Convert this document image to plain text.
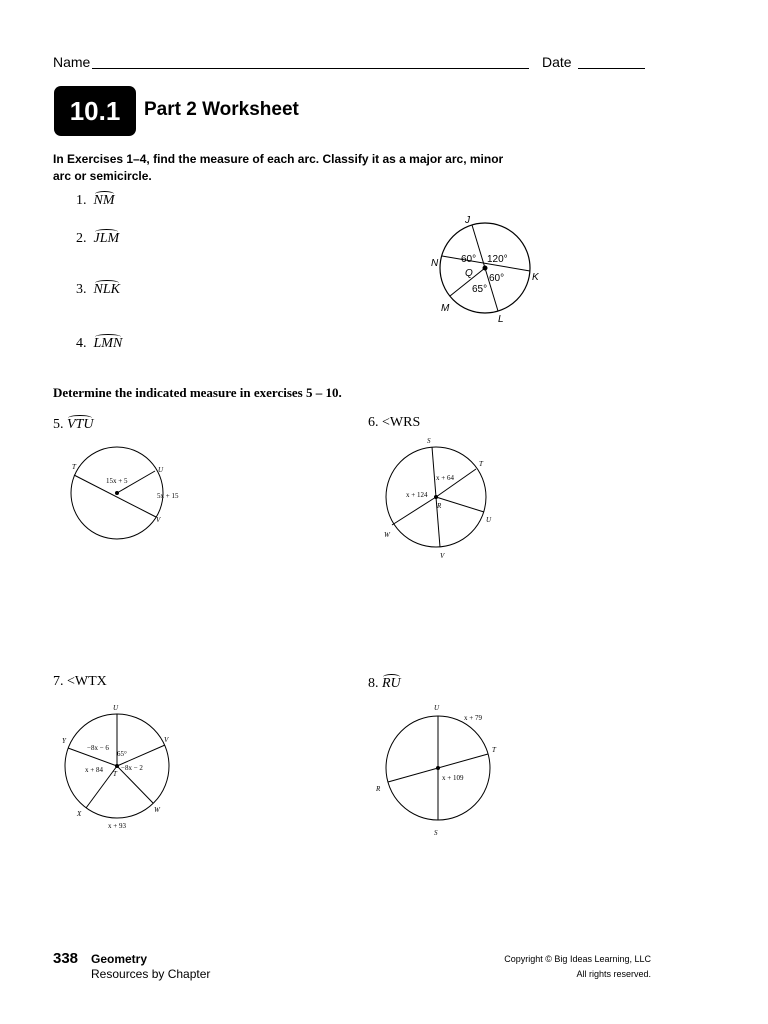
Name	Date
10.1	Part 2 Worksheet
In Exercises 1–4, find the measure of each arc. Classify it as a major arc, minor
arc or semicircle.
1. NM
2. JLM
3. NLK
4. LMN
J
N
K
M
L
Q
60° 120°
60°
65°
Determine the indicated measure in exercises 5 – 10.
5. VTU
T	U
V
15x + 5
5x + 15
6. <WRS
S
T
U
V
W
R
x + 64
x + 124
7. <WTX
U
V
W
X
Y
T
−8x − 6
65°
x + 84	−8x − 2
x + 93
8. RU
U
T
R
S
x + 79
x + 109
338 Geometry
Resources by Chapter
Copyright © Big Ideas Learning, LLC
All rights reserved.
